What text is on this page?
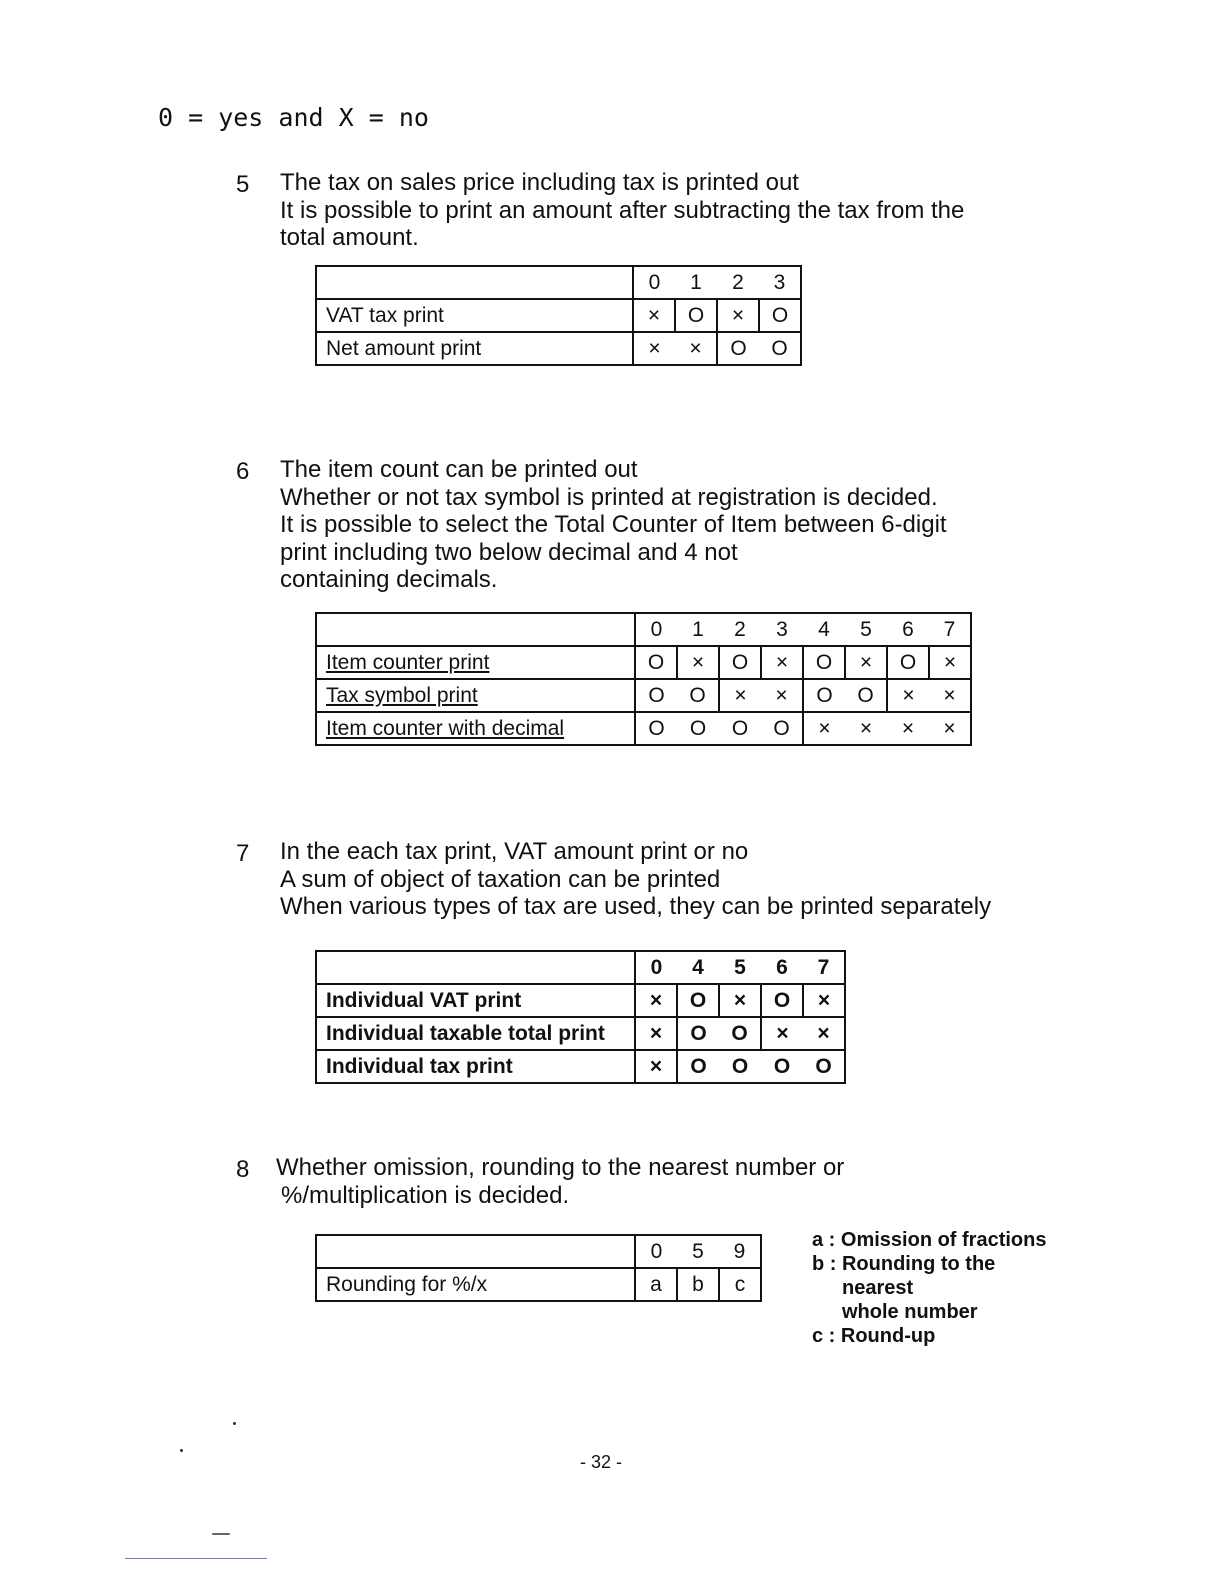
0 = yes and X = no
5 The tax on sales price including tax is printed out
It is possible to print an amount after subtracting the tax from the
total amount.
	0	1	2	3
VAT tax print	×	O	×	O
Net amount print	×	×	O	O
6 The item count can be printed out
Whether or not tax symbol is printed at registration is decided.
It is possible to select the Total Counter of Item between 6-digit
print including two below decimal and 4 not
containing decimals.
	0	1	2	3	4	5	6	7
Item counter print	O	×	O	×	O	×	O	×
Tax symbol print	O	O	×	×	O	O	×	×
Item counter with decimal	O	O	O	O	×	×	×	×
7 In the each tax print, VAT amount print or no
A sum of object of taxation can be printed
When various types of tax are used, they can be printed separately
	0	4	5	6	7
Individual VAT print	×	O	×	O	×
Individual taxable total print	×	O	O	×	×
Individual tax print	×	O	O	O	O
8 Whether omission, rounding to the nearest number or
%/multiplication is decided.
	0	5	9
Rounding for %/x	a	b	c
a : Omission of fractions
b : Rounding to the
nearest
whole number
c : Round-up
- 32 -
